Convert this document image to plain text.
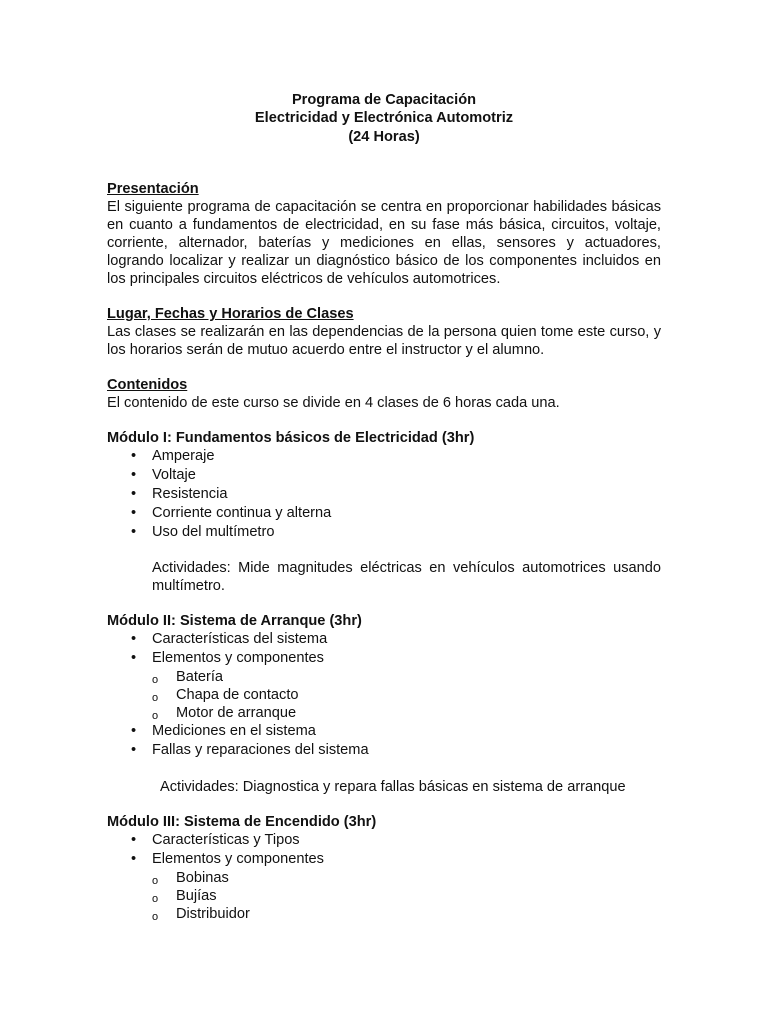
Programa de Capacitación
Electricidad y Electrónica Automotriz
(24 Horas)
Presentación

El siguiente programa de capacitación se centra en proporcionar habilidades básicas en cuanto a fundamentos de electricidad, en su fase más básica, circuitos, voltaje, corriente, alternador, baterías y mediciones en ellas, sensores y actuadores, logrando localizar y realizar un diagnóstico básico de los componentes incluidos en los principales circuitos eléctricos de vehículos automotrices.

Lugar, Fechas y Horarios de Clases

Las clases se realizarán en las dependencias de la persona quien tome este curso, y los horarios serán de mutuo acuerdo entre el instructor y el alumno.

Contenidos

El contenido de este curso se divide en 4 clases de 6 horas cada una.

Módulo I: Fundamentos básicos de Electricidad (3hr)

• Amperaje
• Voltaje
• Resistencia
• Corriente continua y alterna
• Uso del multímetro

Actividades: Mide magnitudes eléctricas en vehículos automotrices usando multímetro.

Módulo II: Sistema de Arranque (3hr)

• Características del sistema
• Elementos y componentes
o Batería
o Chapa de contacto
o Motor de arranque
• Mediciones en el sistema
• Fallas y reparaciones del sistema

Actividades: Diagnostica y repara fallas básicas en sistema de arranque

Módulo III: Sistema de Encendido (3hr)

• Características y Tipos
• Elementos y componentes
o Bobinas
o Bujías
o Distribuidor
